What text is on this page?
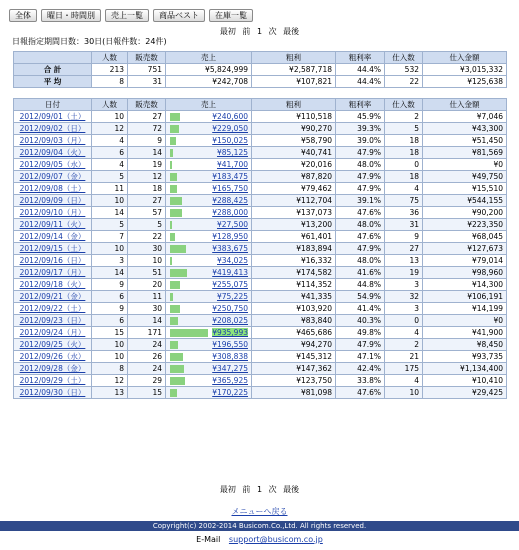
全体	曜日・時間別	売上一覧	商品ベスト	在庫一覧
最初 前 1 次 最後
日報指定期間日数：30日(日報件数：24件)
	人数	販売数	売上	粗利	粗利率	仕入数	仕入金額
合 計	213	751	¥5,824,999	¥2,587,718	44.4%	532	¥3,015,332
平 均	8	31	¥242,708	¥107,821	44.4%	22	¥125,638
日付	人数	販売数	売上	粗利	粗利率	仕入数	仕入金額
2012/09/01（土）	10	27	¥240,600	¥110,518	45.9%	2	¥7,046
2012/09/02（日）	12	72	¥229,050	¥90,270	39.3%	5	¥43,300
2012/09/03（月）	4	9	¥150,025	¥58,790	39.0%	18	¥51,450
2012/09/04（火）	6	14	¥85,125	¥40,741	47.9%	18	¥81,569
2012/09/05（水）	4	19	¥41,700	¥20,016	48.0%	0	¥0
2012/09/07（金）	5	12	¥183,475	¥87,820	47.9%	18	¥49,750
2012/09/08（土）	11	18	¥165,750	¥79,462	47.9%	4	¥15,510
2012/09/09（日）	10	27	¥288,425	¥112,704	39.1%	75	¥544,155
2012/09/10（月）	14	57	¥288,000	¥137,073	47.6%	36	¥90,200
2012/09/11（火）	5	5	¥27,500	¥13,200	48.0%	31	¥223,350
2012/09/14（金）	7	22	¥128,950	¥61,401	47.6%	9	¥68,045
2012/09/15（土）	10	30	¥383,675	¥183,894	47.9%	27	¥127,673
2012/09/16（日）	3	10	¥34,025	¥16,332	48.0%	13	¥79,014
2012/09/17（月）	14	51	¥419,413	¥174,582	41.6%	19	¥98,960
2012/09/18（火）	9	20	¥255,075	¥114,352	44.8%	3	¥14,300
2012/09/21（金）	6	11	¥75,225	¥41,335	54.9%	32	¥106,191
2012/09/22（土）	9	30	¥250,750	¥103,920	41.4%	3	¥14,199
2012/09/23（日）	6	14	¥208,025	¥83,840	40.3%	0	¥0
2012/09/24（月）	15	171	¥935,993	¥465,686	49.8%	4	¥41,900
2012/09/25（火）	10	24	¥196,550	¥94,270	47.9%	2	¥8,450
2012/09/26（水）	10	26	¥308,838	¥145,312	47.1%	21	¥93,735
2012/09/28（金）	8	24	¥347,275	¥147,362	42.4%	175	¥1,134,400
2012/09/29（土）	12	29	¥365,925	¥123,750	33.8%	4	¥10,410
2012/09/30（日）	13	15	¥170,225	¥81,098	47.6%	10	¥29,425
最初 前 1 次 最後
メニューへ戻る
Copyright(c) 2002-2014 Busicom.Co.,Ltd. All rights reserved.
E-Mail support@busicom.co.jp
